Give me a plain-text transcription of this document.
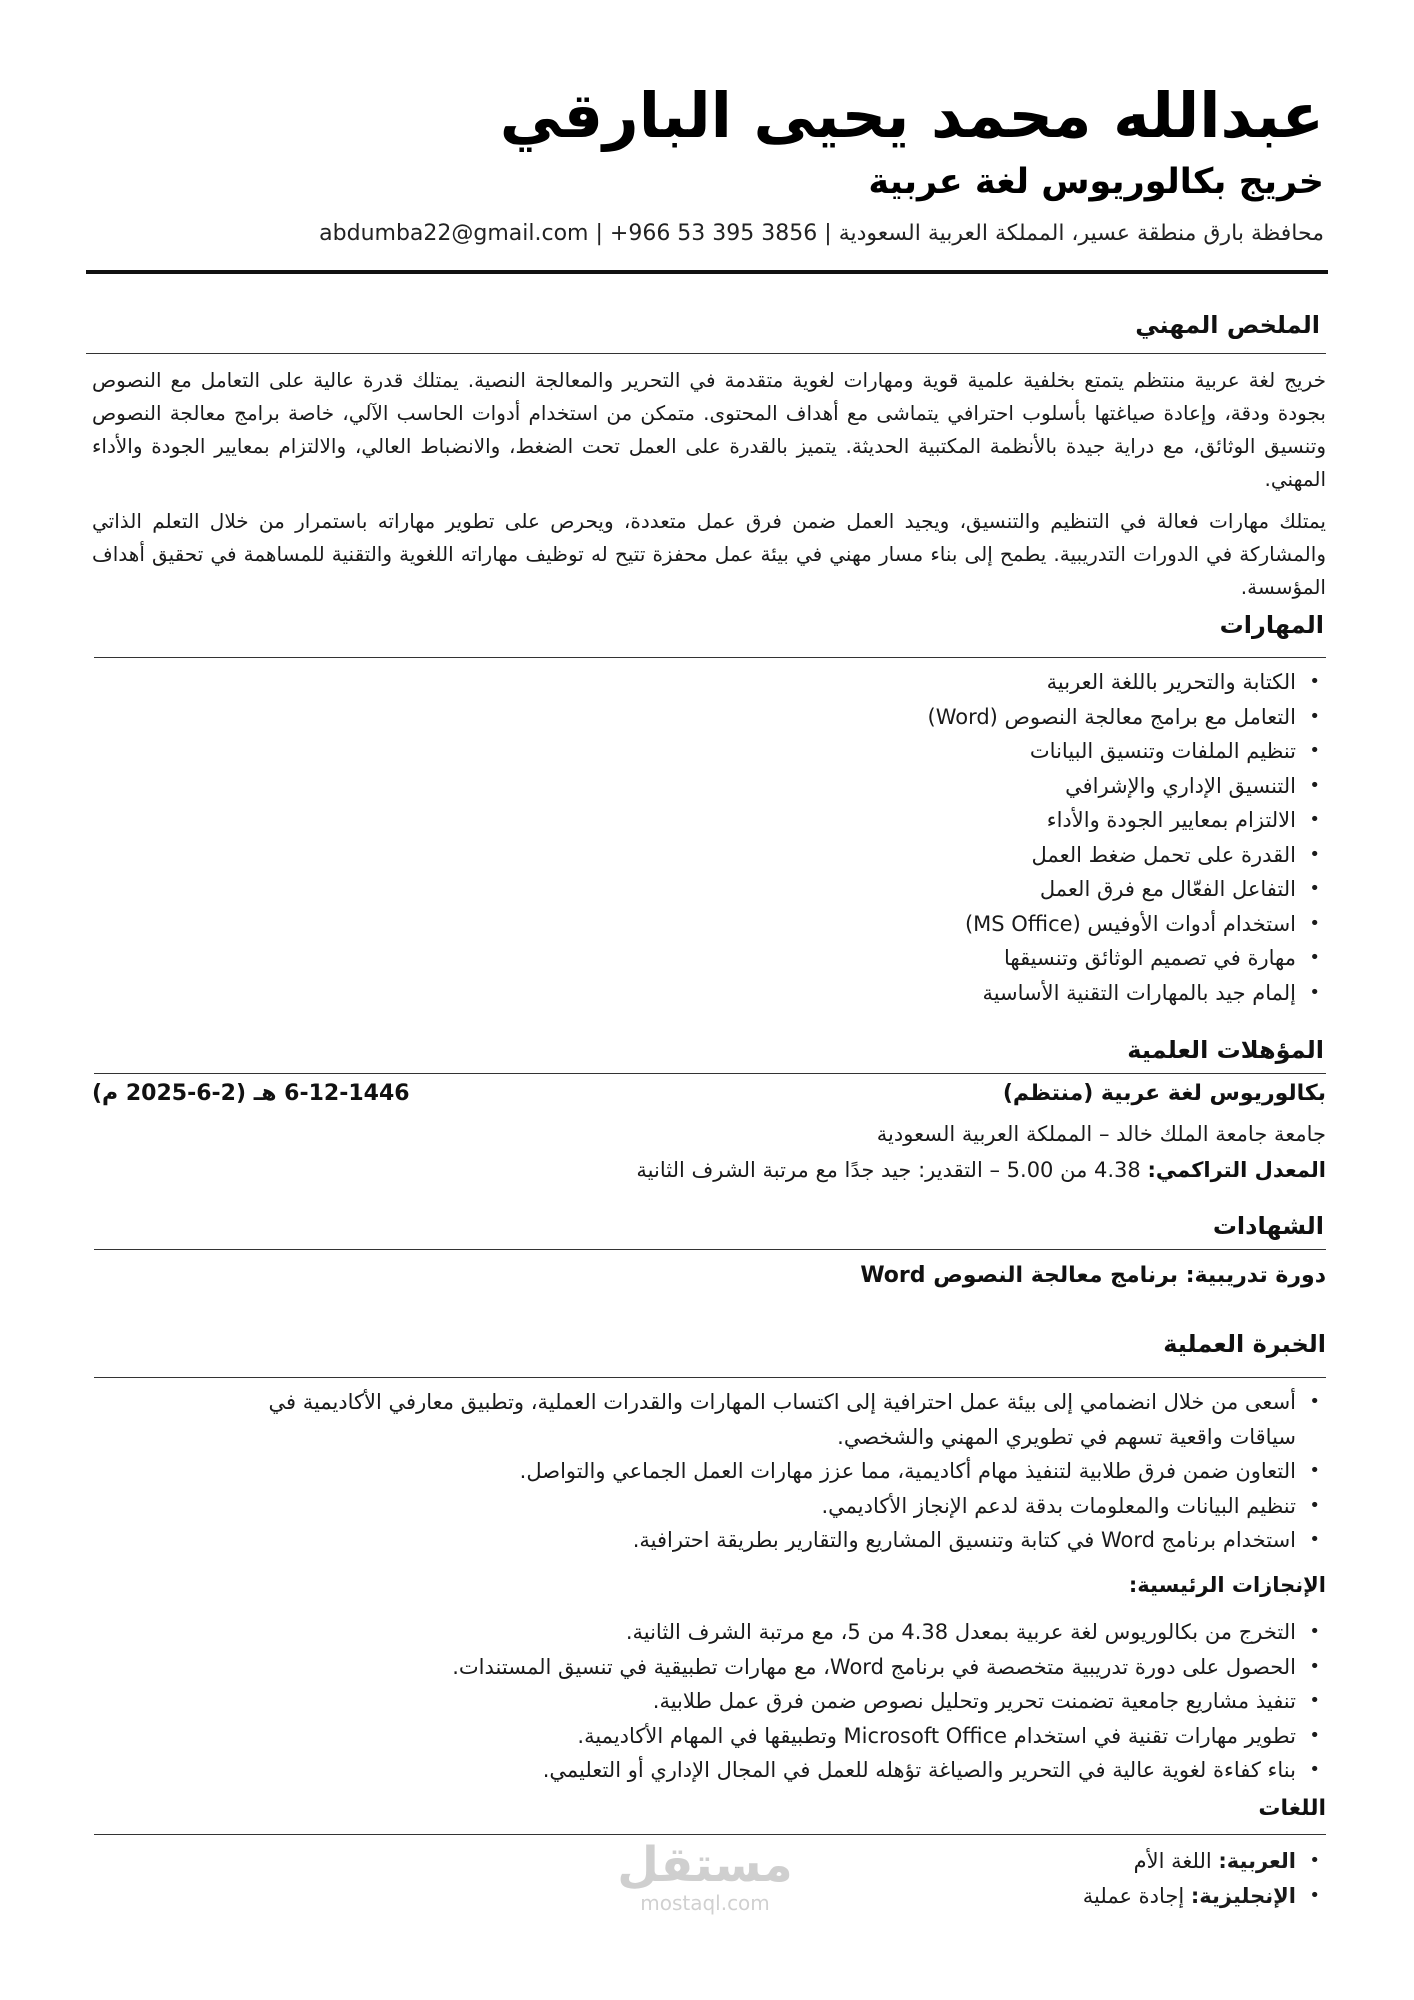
عبدالله محمد يحيى البارقي
خريج بكالوريوس لغة عربية
محافظة بارق منطقة عسير، المملكة العربية السعودية | +966 53 395 3856 | abdumba22@gmail.com
الملخص المهني

خريج لغة عربية منتظم يتمتع بخلفية علمية قوية ومهارات لغوية متقدمة في التحرير والمعالجة النصية. يمتلك قدرة عالية على التعامل مع النصوص بجودة ودقة، وإعادة صياغتها بأسلوب احترافي يتماشى مع أهداف المحتوى. متمكن من استخدام أدوات الحاسب الآلي، خاصة برامج معالجة النصوص وتنسيق الوثائق، مع دراية جيدة بالأنظمة المكتبية الحديثة. يتميز بالقدرة على العمل تحت الضغط، والانضباط العالي، والالتزام بمعايير الجودة والأداء المهني.

يمتلك مهارات فعالة في التنظيم والتنسيق، ويجيد العمل ضمن فرق عمل متعددة، ويحرص على تطوير مهاراته باستمرار من خلال التعلم الذاتي والمشاركة في الدورات التدريبية. يطمح إلى بناء مسار مهني في بيئة عمل محفزة تتيح له توظيف مهاراته اللغوية والتقنية للمساهمة في تحقيق أهداف المؤسسة.

المهارات
• الكتابة والتحرير باللغة العربية
• التعامل مع برامج معالجة النصوص (Word)
• تنظيم الملفات وتنسيق البيانات
• التنسيق الإداري والإشرافي
• الالتزام بمعايير الجودة والأداء
• القدرة على تحمل ضغط العمل
• التفاعل الفعّال مع فرق العمل
• استخدام أدوات الأوفيس (MS Office)
• مهارة في تصميم الوثائق وتنسيقها
• إلمام جيد بالمهارات التقنية الأساسية
المؤهلات العلمية
بكالوريوس لغة عربية (منتظم)
6-12-1446 هـ (2-6-2025 م)
جامعة جامعة الملك خالد – المملكة العربية السعودية
المعدل التراكمي: 4.38 من 5.00 – التقدير: جيد جدًا مع مرتبة الشرف الثانية
الشهادات
دورة تدريبية: برنامج معالجة النصوص Word
الخبرة العملية
• أسعى من خلال انضمامي إلى بيئة عمل احترافية إلى اكتساب المهارات والقدرات العملية، وتطبيق معارفي الأكاديمية في سياقات واقعية تسهم في تطويري المهني والشخصي.
• التعاون ضمن فرق طلابية لتنفيذ مهام أكاديمية، مما عزز مهارات العمل الجماعي والتواصل.
• تنظيم البيانات والمعلومات بدقة لدعم الإنجاز الأكاديمي.
• استخدام برنامج Word في كتابة وتنسيق المشاريع والتقارير بطريقة احترافية.
الإنجازات الرئيسية:
• التخرج من بكالوريوس لغة عربية بمعدل 4.38 من 5، مع مرتبة الشرف الثانية.
• الحصول على دورة تدريبية متخصصة في برنامج Word، مع مهارات تطبيقية في تنسيق المستندات.
• تنفيذ مشاريع جامعية تضمنت تحرير وتحليل نصوص ضمن فرق عمل طلابية.
• تطوير مهارات تقنية في استخدام Microsoft Office وتطبيقها في المهام الأكاديمية.
• بناء كفاءة لغوية عالية في التحرير والصياغة تؤهله للعمل في المجال الإداري أو التعليمي.
اللغات
• العربية: اللغة الأم
• الإنجليزية: إجادة عملية
مستقل
mostaql.com
